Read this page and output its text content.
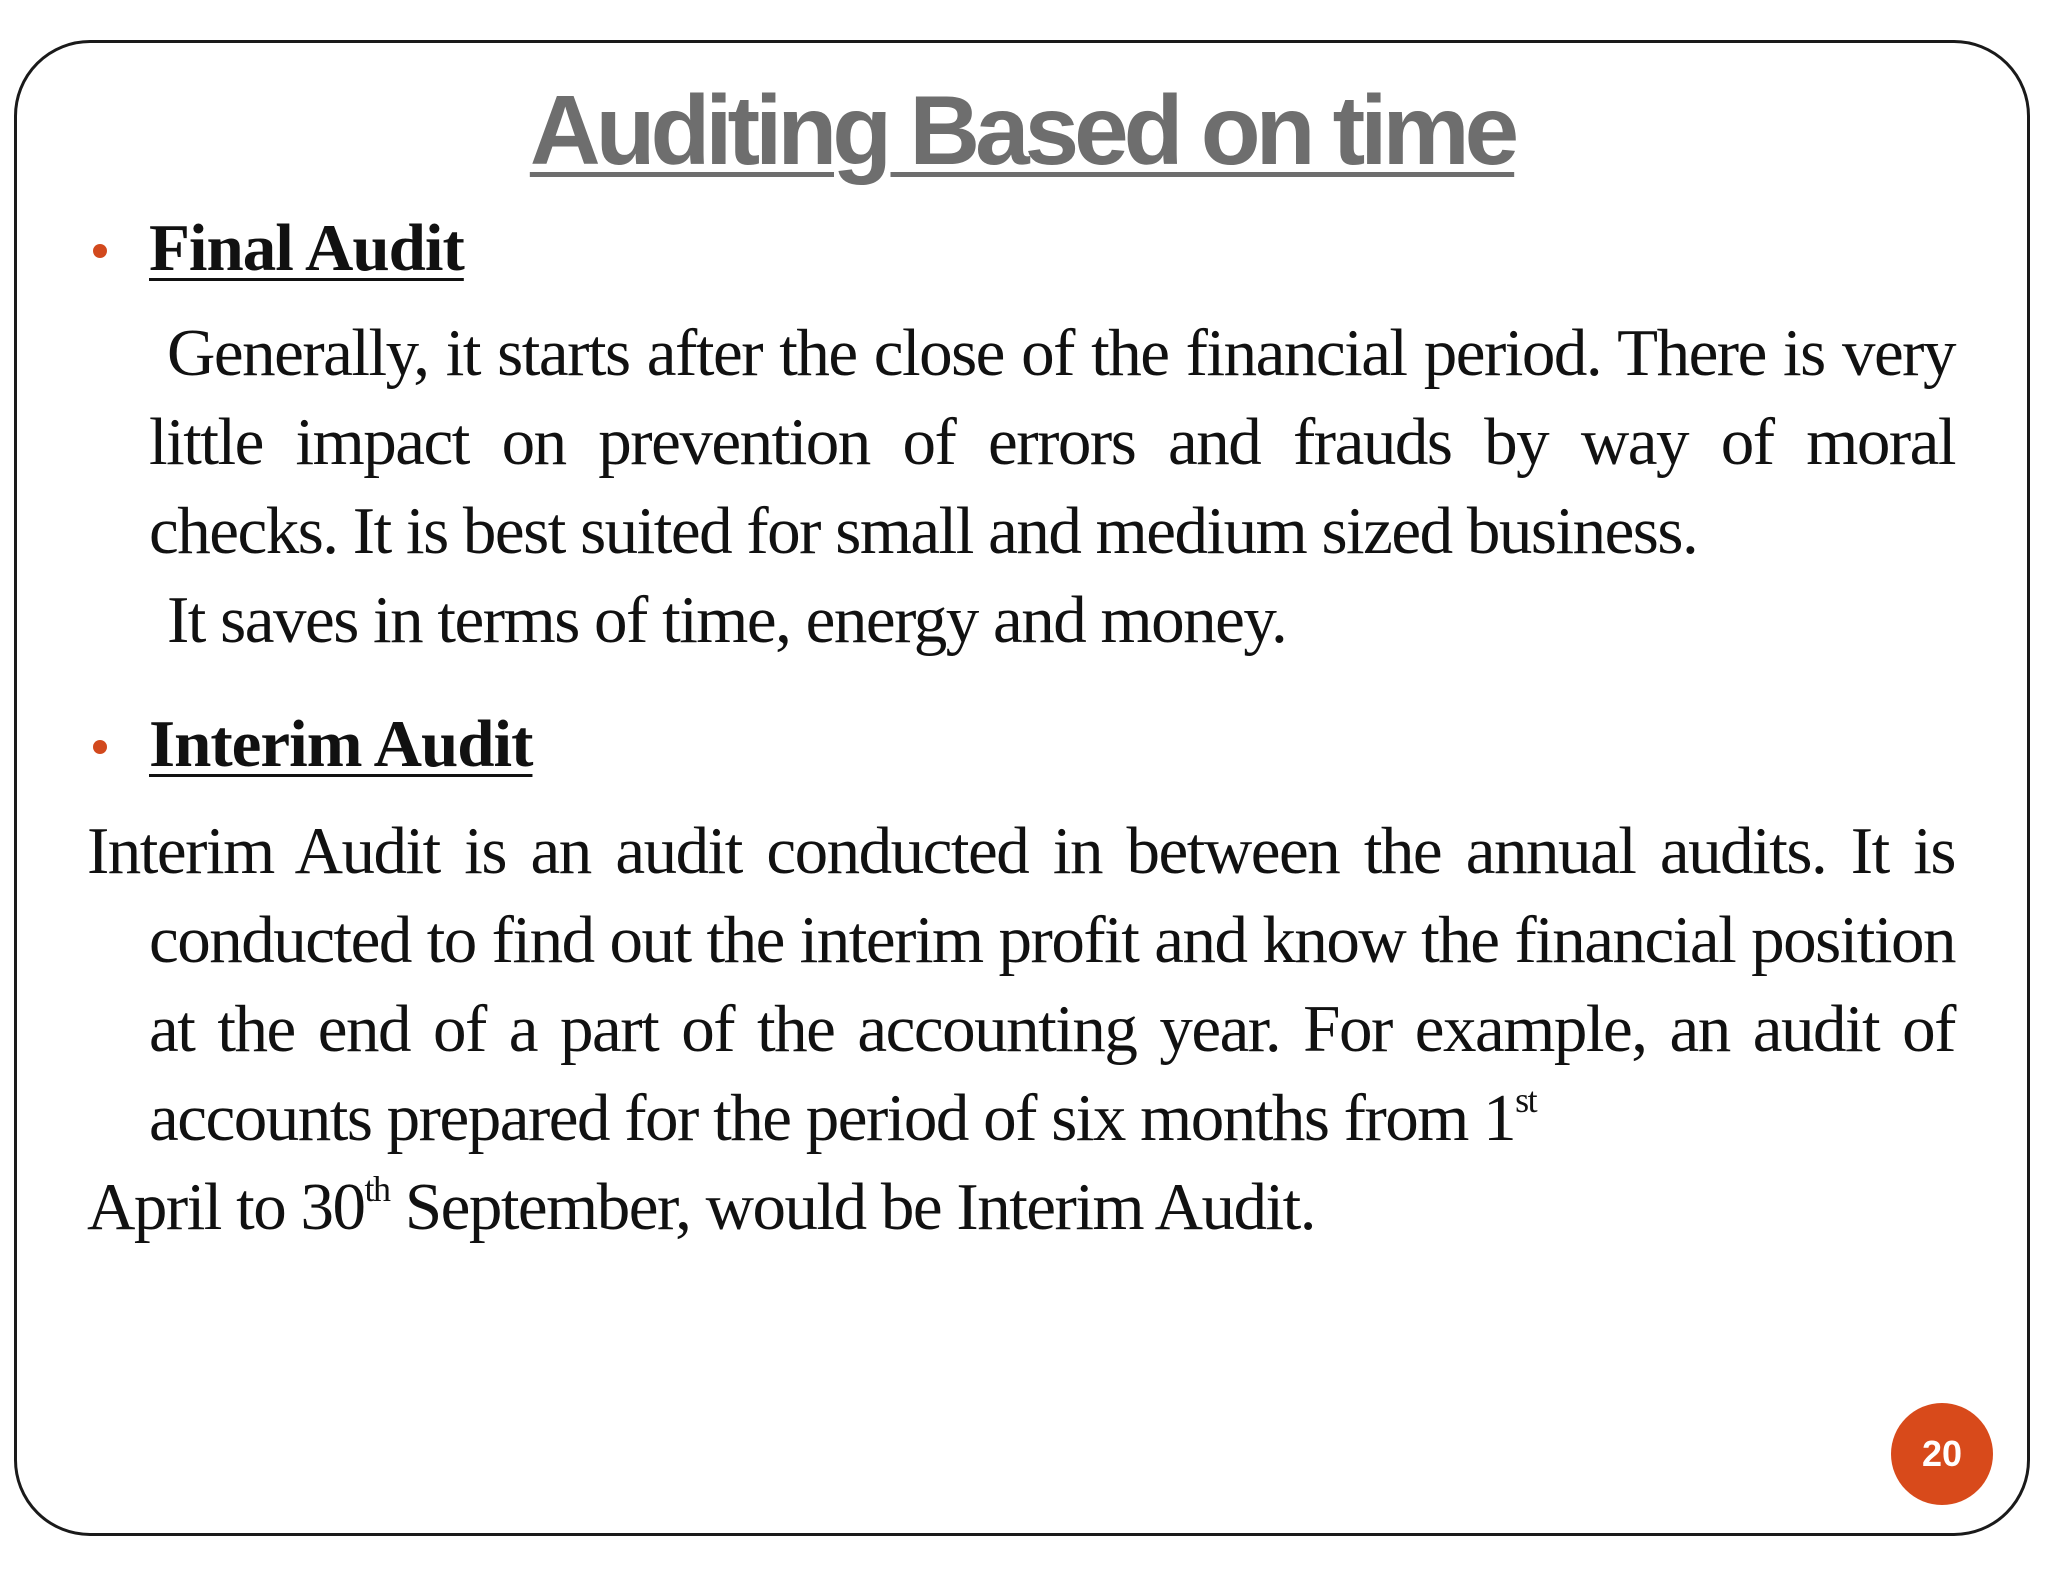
Auditing Based on time
Final Audit
Generally, it starts after the close of the financial period. There is very little impact on prevention of errors and frauds by way of moral checks. It is best suited for small and medium sized business.
It saves in terms of time, energy and money.
Interim Audit
Interim Audit is an audit conducted in between the annual audits. It is conducted to find out the interim profit and know the financial position at the end of a part of the accounting year. For example, an audit of accounts prepared for the period of six months from 1st
April to 30th September, would be Interim Audit.
20
